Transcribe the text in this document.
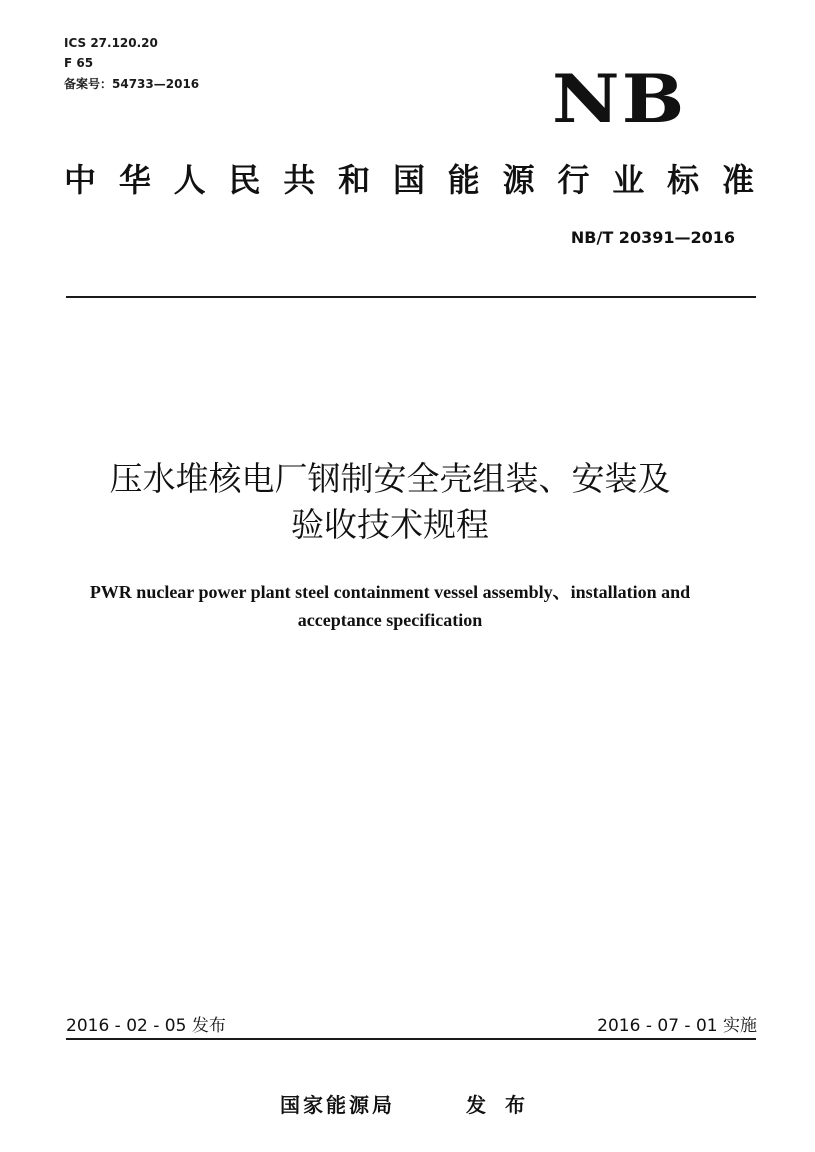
ICS 27.120.20
F 65
备案号：54733—2016	NB
中 华 人 民 共 和 国 能 源 行 业 标 准
NB/T 20391—2016
压水堆核电厂钢制安全壳组装、安装及
验收技术规程
PWR nuclear power plant steel containment vessel assembly、installation and
acceptance specification
2016 - 02 - 05 发布	2016 - 07 - 01 实施
国家能源局	发 布
